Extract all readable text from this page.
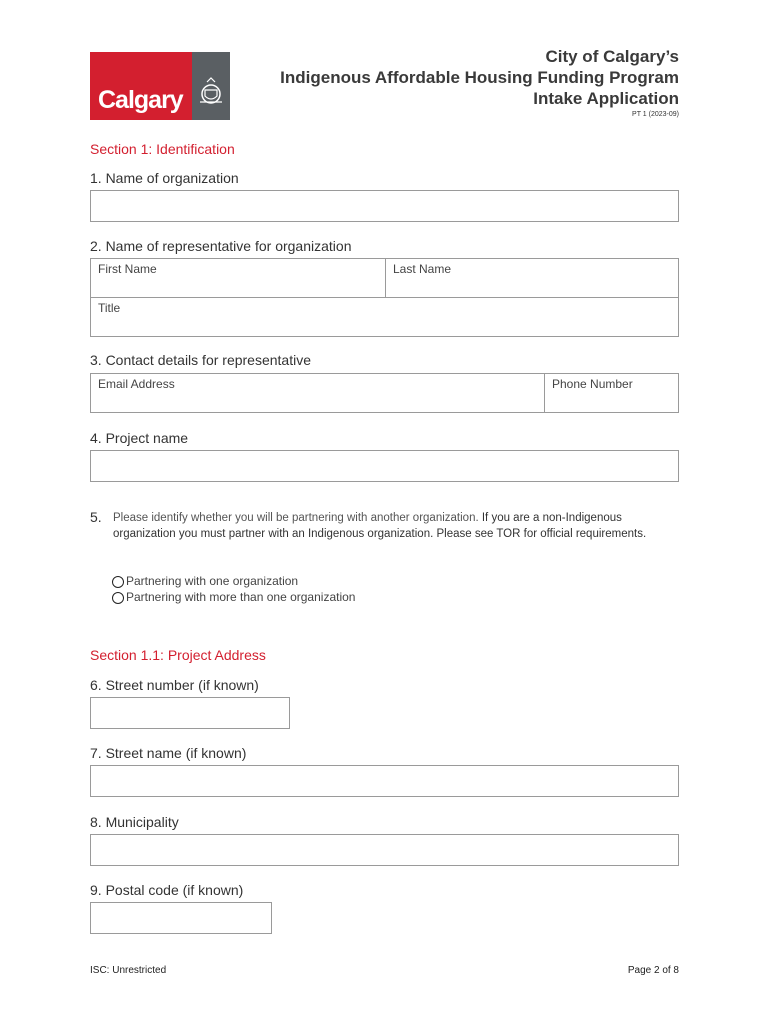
Calgary
City of Calgary’s
Indigenous Affordable Housing Funding Program
Intake Application
PT 1 (2023-09)
Section 1: Identification
1. Name of organization
2. Name of representative for organization
First Name	Last Name
Title
3. Contact details for representative
Email Address	Phone Number
4. Project name
5. Please identify whether you will be partnering with another organization. If you are a non-Indigenous organization you must partner with an Indigenous organization. Please see TOR for official requirements.
Partnering with one organization
Partnering with more than one organization
Section 1.1: Project Address
6. Street number (if known)
7. Street name (if known)
8. Municipality
9. Postal code (if known)
ISC: Unrestricted	Page 2 of 8
